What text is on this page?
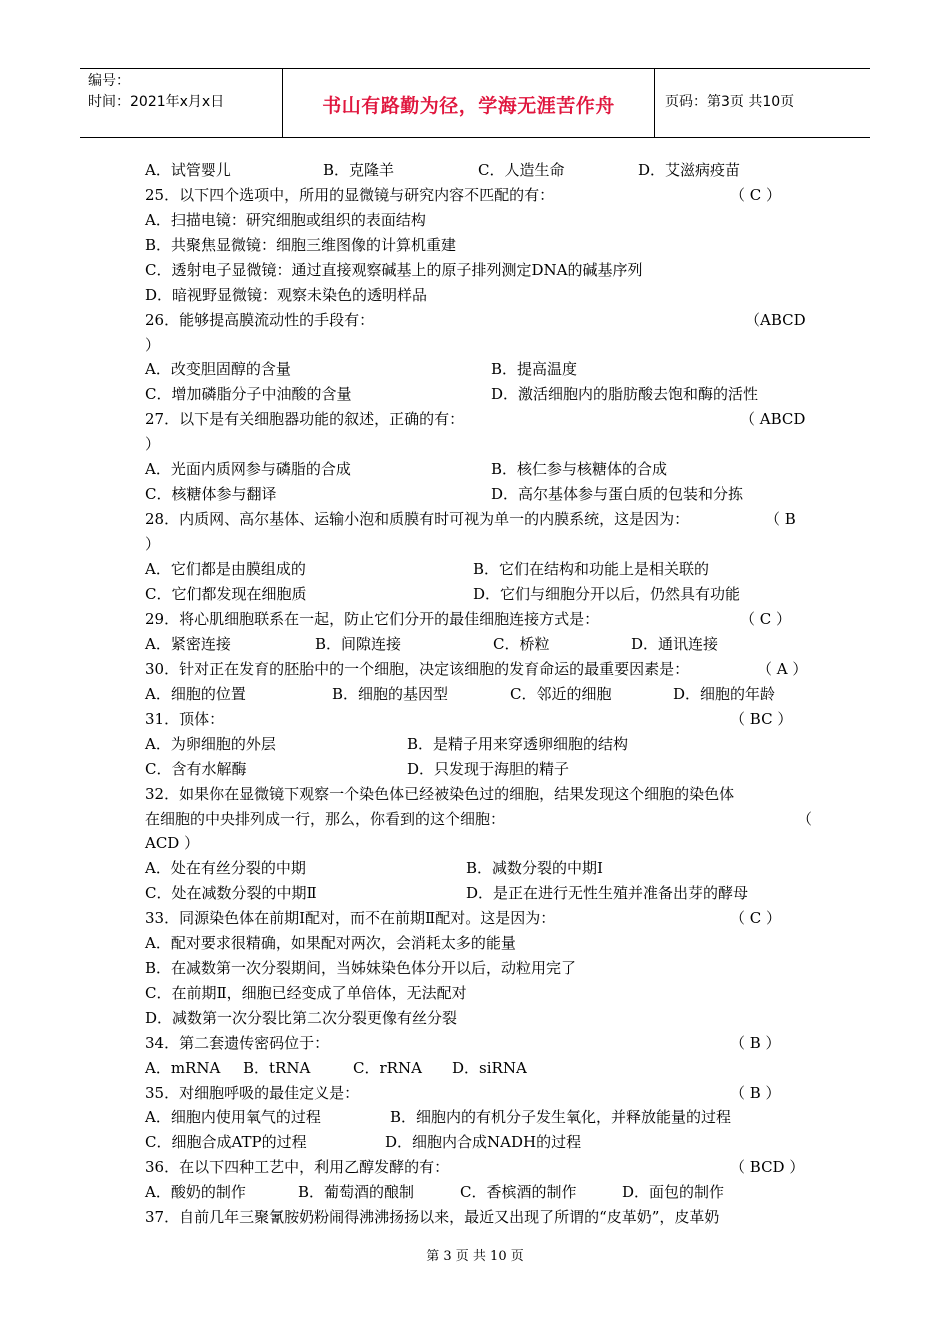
编号：
时间：2021年x月x日	书山有路勤为径，学海无涯苦作舟	页码：第3页 共10页
A．试管婴儿	B．克隆羊	C．人造生命	D．艾滋病疫苗
25．以下四个选项中，所用的显微镜与研究内容不匹配的有：	（ C ）
A．扫描电镜：研究细胞或组织的表面结构
B．共聚焦显微镜：细胞三维图像的计算机重建
C．透射电子显微镜：通过直接观察碱基上的原子排列测定DNA的碱基序列
D．暗视野显微镜：观察未染色的透明样品
26．能够提高膜流动性的手段有：	（ABCD
）
A．改变胆固醇的含量	B．提高温度
C．增加磷脂分子中油酸的含量	D．激活细胞内的脂肪酸去饱和酶的活性
27．以下是有关细胞器功能的叙述，正确的有：	（ ABCD
）
A．光面内质网参与磷脂的合成	B．核仁参与核糖体的合成
C．核糖体参与翻译	D．高尔基体参与蛋白质的包装和分拣
28．内质网、高尔基体、运输小泡和质膜有时可视为单一的内膜系统，这是因为：	（ B
）
A．它们都是由膜组成的	B．它们在结构和功能上是相关联的
C．它们都发现在细胞质	D．它们与细胞分开以后，仍然具有功能
29．将心肌细胞联系在一起，防止它们分开的最佳细胞连接方式是：	（ C ）
A．紧密连接	B．间隙连接	C．桥粒	D．通讯连接
30．针对正在发育的胚胎中的一个细胞，决定该细胞的发育命运的最重要因素是：	（ A ）
A．细胞的位置	B．细胞的基因型	C．邻近的细胞	D．细胞的年龄
31．顶体：	（ BC ）
A．为卵细胞的外层	B．是精子用来穿透卵细胞的结构
C．含有水解酶	D．只发现于海胆的精子
32．如果你在显微镜下观察一个染色体已经被染色过的细胞，结果发现这个细胞的染色体
在细胞的中央排列成一行，那么，你看到的这个细胞：	（
ACD ）
A．处在有丝分裂的中期	B．减数分裂的中期Ⅰ
C．处在减数分裂的中期Ⅱ	D．是正在进行无性生殖并准备出芽的酵母
33．同源染色体在前期Ⅰ配对，而不在前期Ⅱ配对。这是因为：	（ C ）
A．配对要求很精确，如果配对两次，会消耗太多的能量
B．在减数第一次分裂期间，当姊妹染色体分开以后，动粒用完了
C．在前期Ⅱ，细胞已经变成了单倍体，无法配对
D．减数第一次分裂比第二次分裂更像有丝分裂
34．第二套遗传密码位于：	（ B ）
A．mRNA B．tRNA	C．rRNA D．siRNA
35．对细胞呼吸的最佳定义是：	（ B ）
A．细胞内使用氧气的过程	B．细胞内的有机分子发生氧化，并释放能量的过程
C．细胞合成ATP的过程	D．细胞内合成NADH的过程
36．在以下四种工艺中，利用乙醇发酵的有：	（ BCD ）
A．酸奶的制作	B．葡萄酒的酿制	C．香槟酒的制作	D．面包的制作
37．自前几年三聚氰胺奶粉闹得沸沸扬扬以来，最近又出现了所谓的“皮革奶”，皮革奶
第 3 页 共 10 页
